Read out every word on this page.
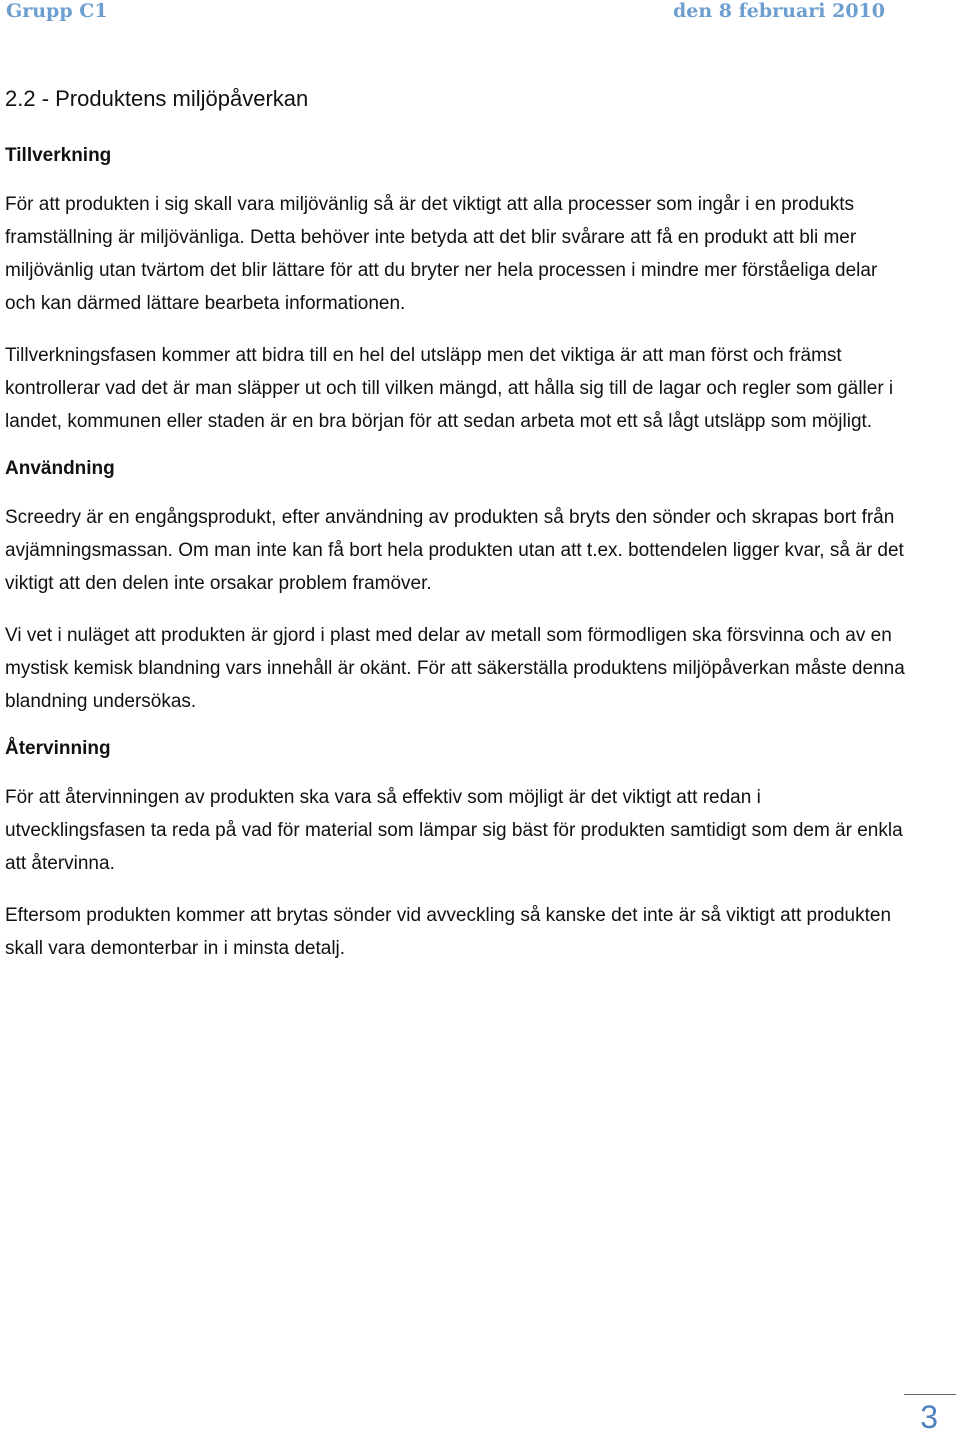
Grupp C1	den 8 februari 2010
2.2 - Produktens miljöpåverkan
Tillverkning

För att produkten i sig skall vara miljövänlig så är det viktigt att alla processer som ingår i en produkts framställning är miljövänliga. Detta behöver inte betyda att det blir svårare att få en produkt att bli mer miljövänlig utan tvärtom det blir lättare för att du bryter ner hela processen i mindre mer förståeliga delar och kan därmed lättare bearbeta informationen.

Tillverkningsfasen kommer att bidra till en hel del utsläpp men det viktiga är att man först och främst kontrollerar vad det är man släpper ut och till vilken mängd, att hålla sig till de lagar och regler som gäller i landet, kommunen eller staden är en bra början för att sedan arbeta mot ett så lågt utsläpp som möjligt.

Användning

Screedry är en engångsprodukt, efter användning av produkten så bryts den sönder och skrapas bort från avjämningsmassan. Om man inte kan få bort hela produkten utan att t.ex. bottendelen ligger kvar, så är det viktigt att den delen inte orsakar problem framöver.

Vi vet i nuläget att produkten är gjord i plast med delar av metall som förmodligen ska försvinna och av en mystisk kemisk blandning vars innehåll är okänt. För att säkerställa produktens miljöpåverkan måste denna blandning undersökas.

Återvinning

För att återvinningen av produkten ska vara så effektiv som möjligt är det viktigt att redan i utvecklingsfasen ta reda på vad för material som lämpar sig bäst för produkten samtidigt som dem är enkla att återvinna.

Eftersom produkten kommer att brytas sönder vid avveckling så kanske det inte är så viktigt att produkten skall vara demonterbar in i minsta detalj.

3
